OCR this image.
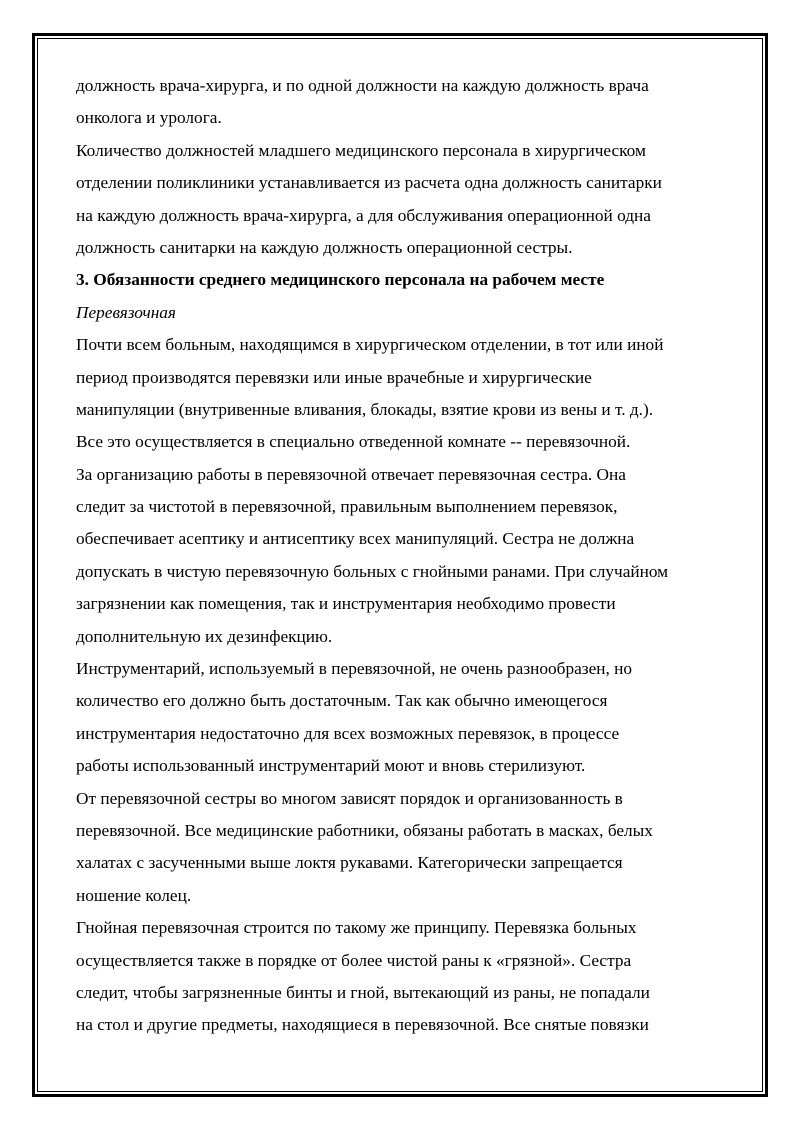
должность врача-хирурга, и по одной должности на каждую должность врача
онколога и уролога.
Количество должностей младшего медицинского персонала в хирургическом
отделении поликлиники устанавливается из расчета одна должность санитарки
на каждую должность врача-хирурга, а для обслуживания операционной одна
должность санитарки на каждую должность операционной сестры.
3. Обязанности среднего медицинского персонала на рабочем месте
Перевязочная
Почти всем больным, находящимся в хирургическом отделении, в тот или иной
период производятся перевязки или иные врачебные и хирургические
манипуляции (внутривенные вливания, блокады, взятие крови из вены и т. д.).
Все это осуществляется в специально отведенной комнате -- перевязочной.
За организацию работы в перевязочной отвечает перевязочная сестра. Она
следит за чистотой в перевязочной, правильным выполнением перевязок,
обеспечивает асептику и антисептику всех манипуляций. Сестра не должна
допускать в чистую перевязочную больных с гнойными ранами. При случайном
загрязнении как помещения, так и инструментария необходимо провести
дополнительную их дезинфекцию.
Инструментарий, используемый в перевязочной, не очень разнообразен, но
количество его должно быть достаточным. Так как обычно имеющегося
инструментария недостаточно для всех возможных перевязок, в процессе
работы использованный инструментарий моют и вновь стерилизуют.
От перевязочной сестры во многом зависят порядок и организованность в
перевязочной. Все медицинские работники, обязаны работать в масках, белых
халатах с засученными выше локтя рукавами. Категорически запрещается
ношение колец.
Гнойная перевязочная строится по такому же принципу. Перевязка больных
осуществляется также в порядке от более чистой раны к «грязной». Сестра
следит, чтобы загрязненные бинты и гной, вытекающий из раны, не попадали
на стол и другие предметы, находящиеся в перевязочной. Все снятые повязки
